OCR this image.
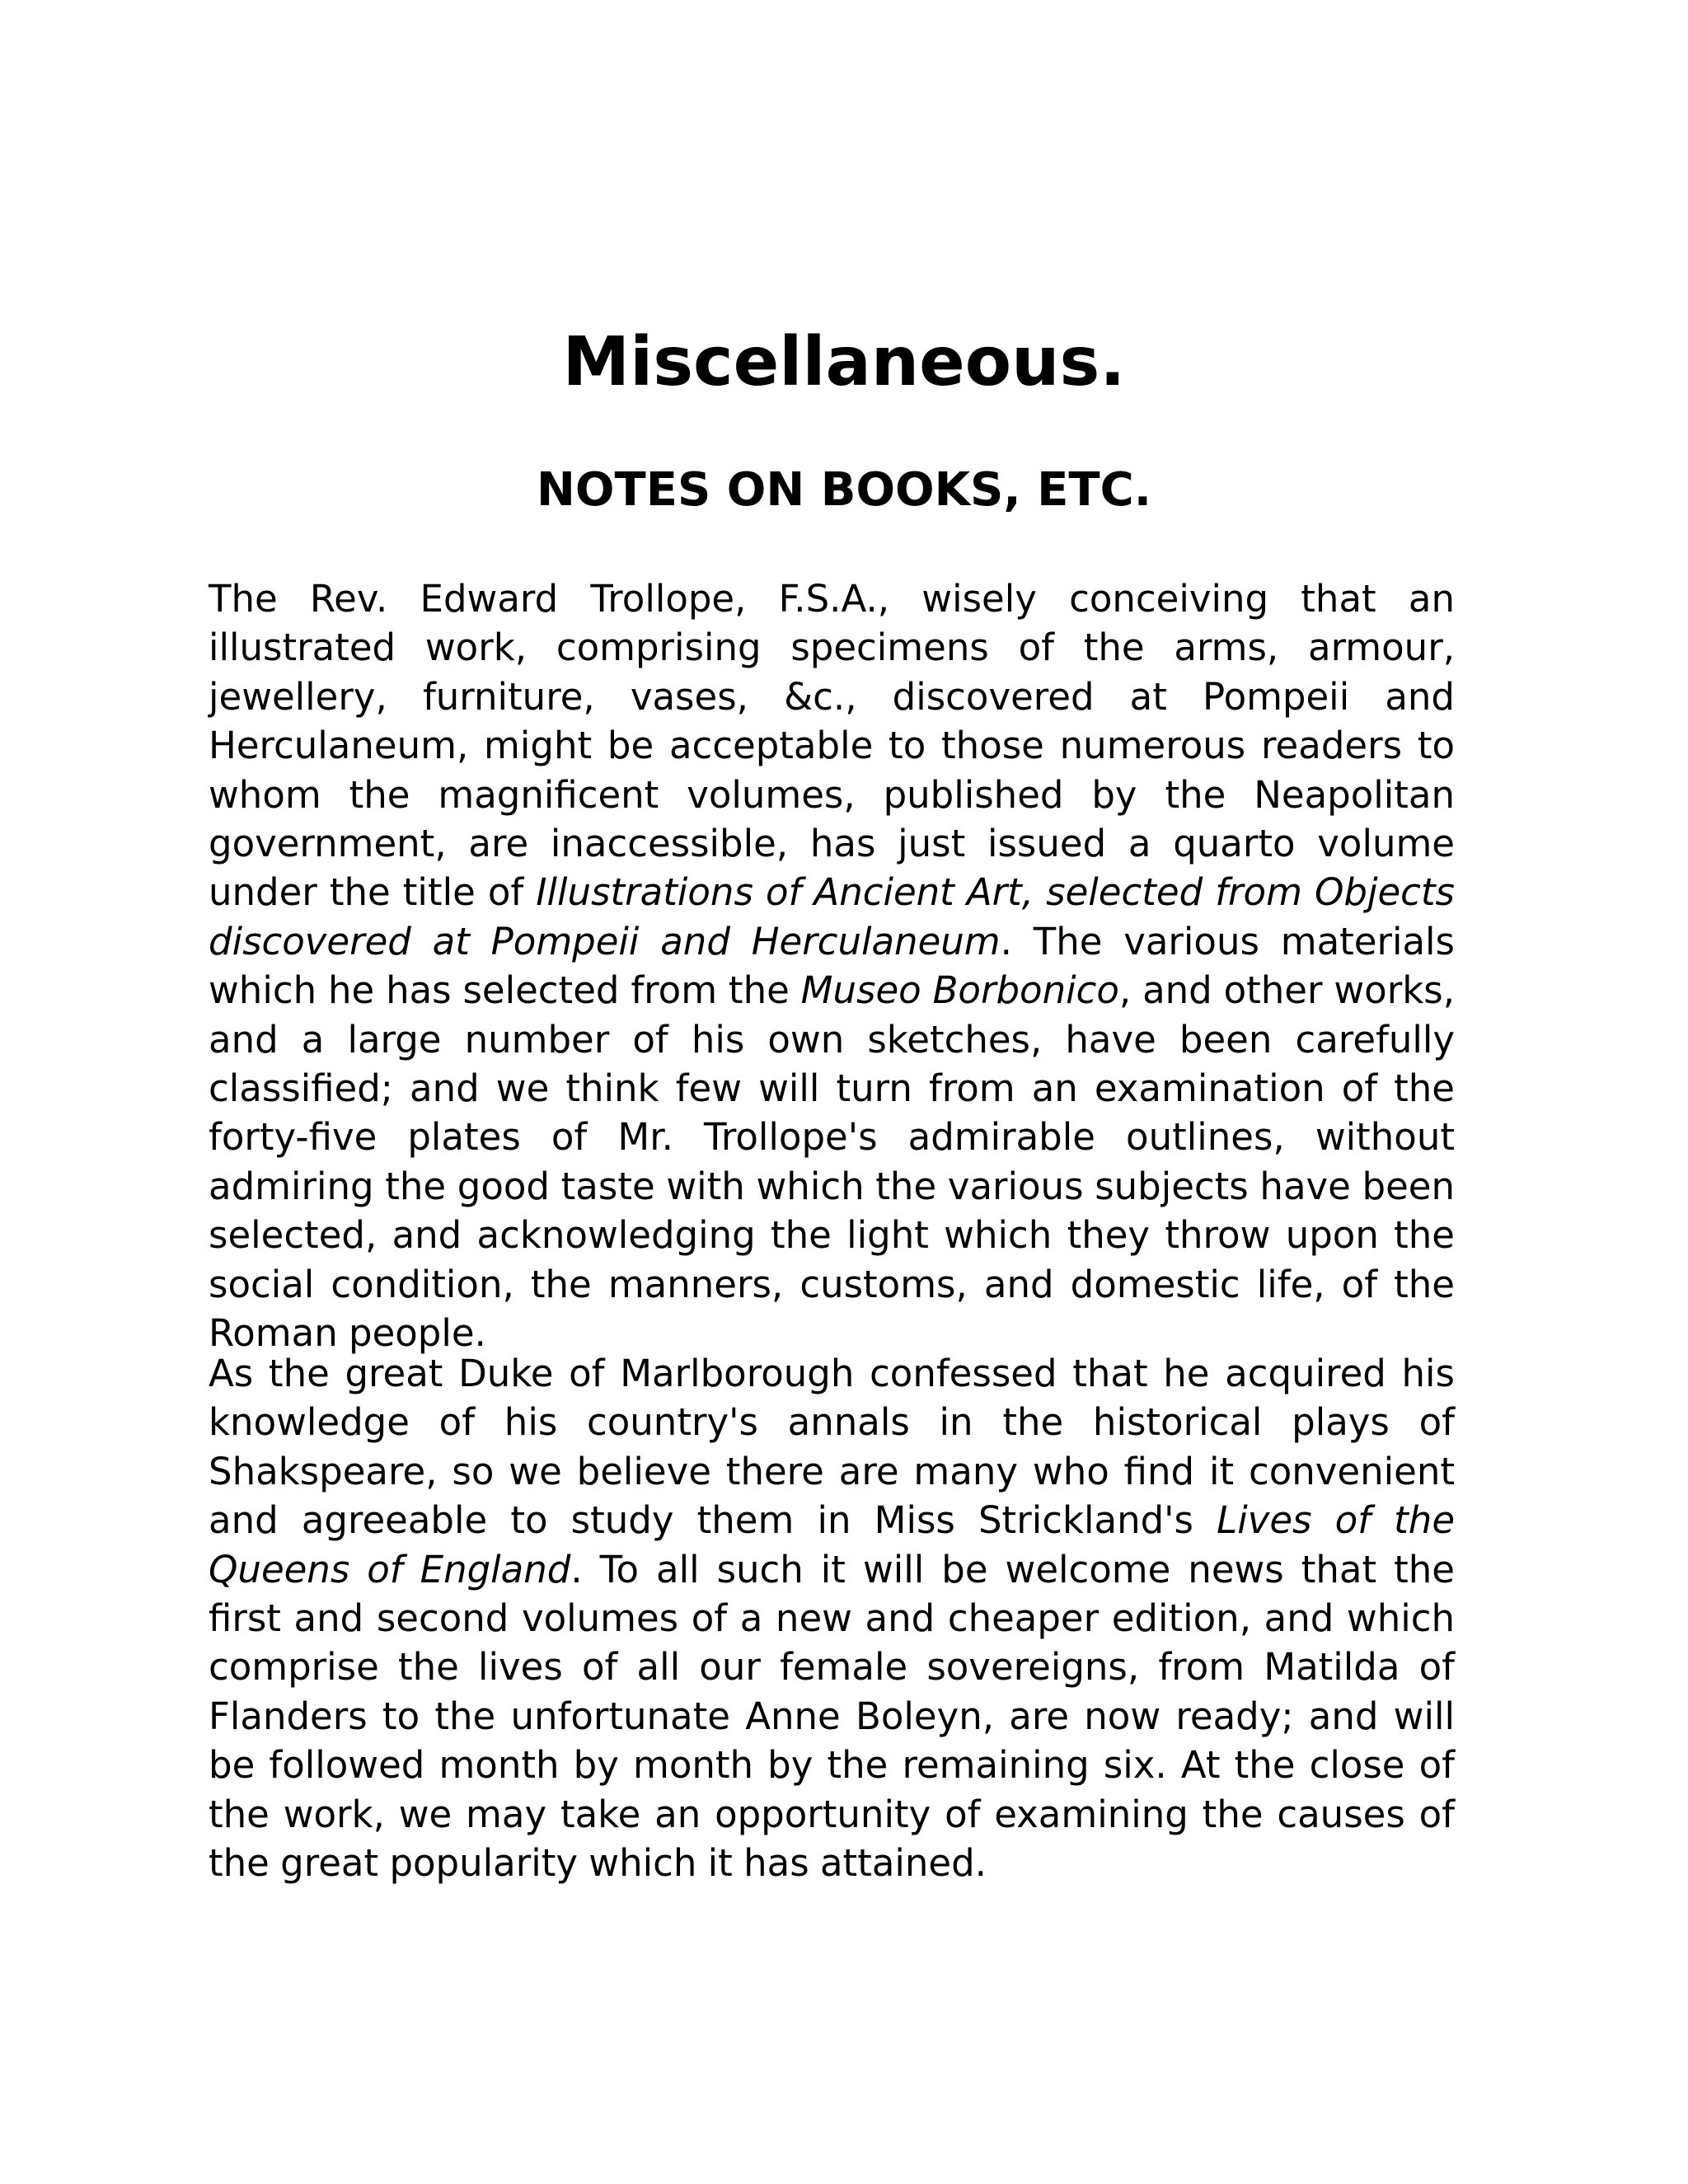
Miscellaneous.
NOTES ON BOOKS, ETC.

The Rev. Edward Trollope, F.S.A., wisely conceiving that an illustrated work, comprising specimens of the arms, armour, jewellery, furniture, vases, &c., discovered at Pompeii and Herculaneum, might be acceptable to those numerous readers to whom the magnificent volumes, published by the Neapolitan government, are inaccessible, has just issued a quarto volume under the title of Illustrations of Ancient Art, selected from Objects discovered at Pompeii and Herculaneum. The various materials which he has selected from the Museo Borbonico, and other works, and a large number of his own sketches, have been carefully classified; and we think few will turn from an examination of the forty-five plates of Mr. Trollope's admirable outlines, without admiring the good taste with which the various subjects have been selected, and acknowledging the light which they throw upon the social condition, the manners, customs, and domestic life, of the Roman people.

As the great Duke of Marlborough confessed that he acquired his knowledge of his country's annals in the historical plays of Shakspeare, so we believe there are many who find it convenient and agreeable to study them in Miss Strickland's Lives of the Queens of England. To all such it will be welcome news that the first and second volumes of a new and cheaper edition, and which comprise the lives of all our female sovereigns, from Matilda of Flanders to the unfortunate Anne Boleyn, are now ready; and will be followed month by month by the remaining six. At the close of the work, we may take an opportunity of examining the causes of the great popularity which it has attained.
